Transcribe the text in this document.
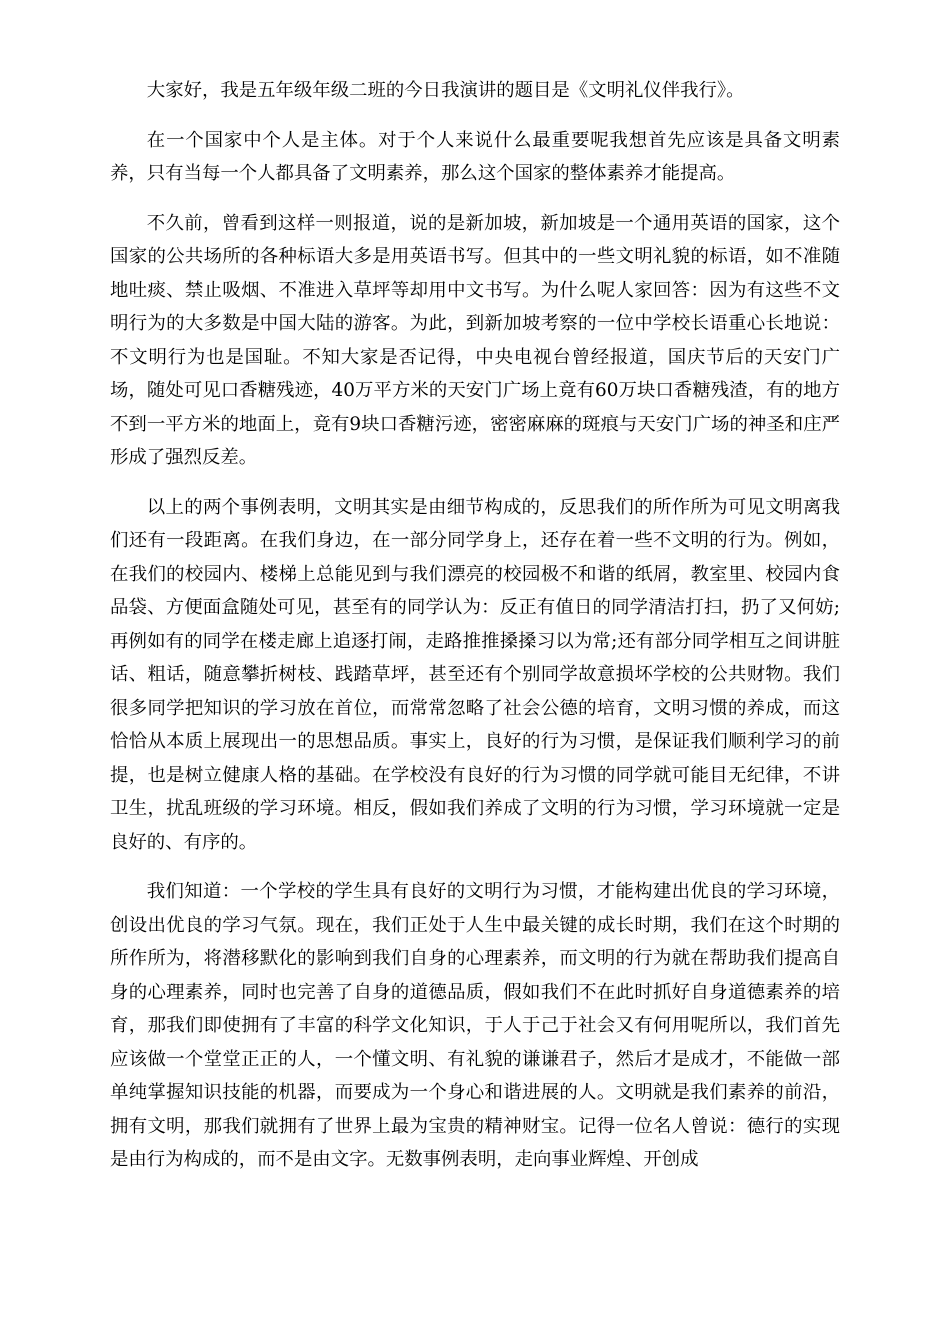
大家好，我是五年级年级二班的今日我演讲的题目是《文明礼仪伴我行》。

在一个国家中个人是主体。对于个人来说什么最重要呢我想首先应该是具备文明素养，只有当每一个人都具备了文明素养，那么这个国家的整体素养才能提高。

不久前，曾看到这样一则报道，说的是新加坡，新加坡是一个通用英语的国家，这个国家的公共场所的各种标语大多是用英语书写。但其中的一些文明礼貌的标语，如不准随地吐痰、禁止吸烟、不准进入草坪等却用中文书写。为什么呢人家回答：因为有这些不文明行为的大多数是中国大陆的游客。为此，到新加坡考察的一位中学校长语重心长地说：不文明行为也是国耻。不知大家是否记得，中央电视台曾经报道，国庆节后的天安门广场，随处可见口香糖残迹，40万平方米的天安门广场上竟有60万块口香糖残渣，有的地方不到一平方米的地面上，竟有9块口香糖污迹，密密麻麻的斑痕与天安门广场的神圣和庄严形成了强烈反差。

以上的两个事例表明，文明其实是由细节构成的，反思我们的所作所为可见文明离我们还有一段距离。在我们身边，在一部分同学身上，还存在着一些不文明的行为。例如，在我们的校园内、楼梯上总能见到与我们漂亮的校园极不和谐的纸屑，教室里、校园内食品袋、方便面盒随处可见，甚至有的同学认为：反正有值日的同学清洁打扫，扔了又何妨;再例如有的同学在楼走廊上追逐打闹，走路推推搡搡习以为常;还有部分同学相互之间讲脏话、粗话，随意攀折树枝、践踏草坪，甚至还有个别同学故意损坏学校的公共财物。我们很多同学把知识的学习放在首位，而常常忽略了社会公德的培育，文明习惯的养成，而这恰恰从本质上展现出一的思想品质。事实上，良好的行为习惯，是保证我们顺利学习的前提，也是树立健康人格的基础。在学校没有良好的行为习惯的同学就可能目无纪律，不讲卫生，扰乱班级的学习环境。相反，假如我们养成了文明的行为习惯，学习环境就一定是良好的、有序的。

我们知道：一个学校的学生具有良好的文明行为习惯，才能构建出优良的学习环境，创设出优良的学习气氛。现在，我们正处于人生中最关键的成长时期，我们在这个时期的所作所为，将潜移默化的影响到我们自身的心理素养，而文明的行为就在帮助我们提高自身的心理素养，同时也完善了自身的道德品质，假如我们不在此时抓好自身道德素养的培育，那我们即使拥有了丰富的科学文化知识，于人于己于社会又有何用呢所以，我们首先应该做一个堂堂正正的人，一个懂文明、有礼貌的谦谦君子，然后才是成才，不能做一部单纯掌握知识技能的机器，而要成为一个身心和谐进展的人。文明就是我们素养的前沿，拥有文明，那我们就拥有了世界上最为宝贵的精神财宝。记得一位名人曾说：德行的实现是由行为构成的，而不是由文字。无数事例表明，走向事业辉煌、开创成
